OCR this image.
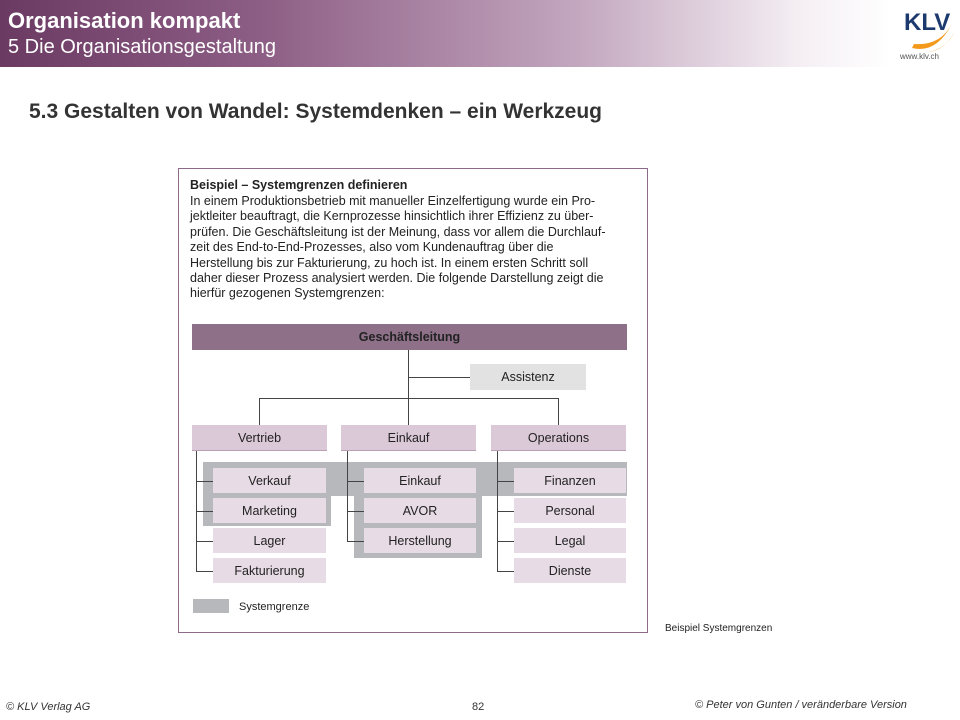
Organisation kompakt
5 Die Organisationsgestaltung
KLV
www.klv.ch
5.3 Gestalten von Wandel: Systemdenken – ein Werkzeug
Beispiel – Systemgrenzen definieren
In einem Produktionsbetrieb mit manueller Einzelfertigung wurde ein Pro-
jektleiter beauftragt, die Kernprozesse hinsichtlich ihrer Effizienz zu über-
prüfen. Die Geschäftsleitung ist der Meinung, dass vor allem die Durchlauf-
zeit des End-to-End-Prozesses, also vom Kundenauftrag über die
Herstellung bis zur Fakturierung, zu hoch ist. In einem ersten Schritt soll
daher dieser Prozess analysiert werden. Die folgende Darstellung zeigt die
hierfür gezogenen Systemgrenzen:
Geschäftsleitung
Assistenz
Vertrieb	Einkauf	Operations
Verkauf
Marketing
Lager
Fakturierung
Einkauf
AVOR
Herstellung
Finanzen
Personal
Legal
Dienste
Systemgrenze
Beispiel Systemgrenzen
© KLV Verlag AG	82	© Peter von Gunten / veränderbare Version
